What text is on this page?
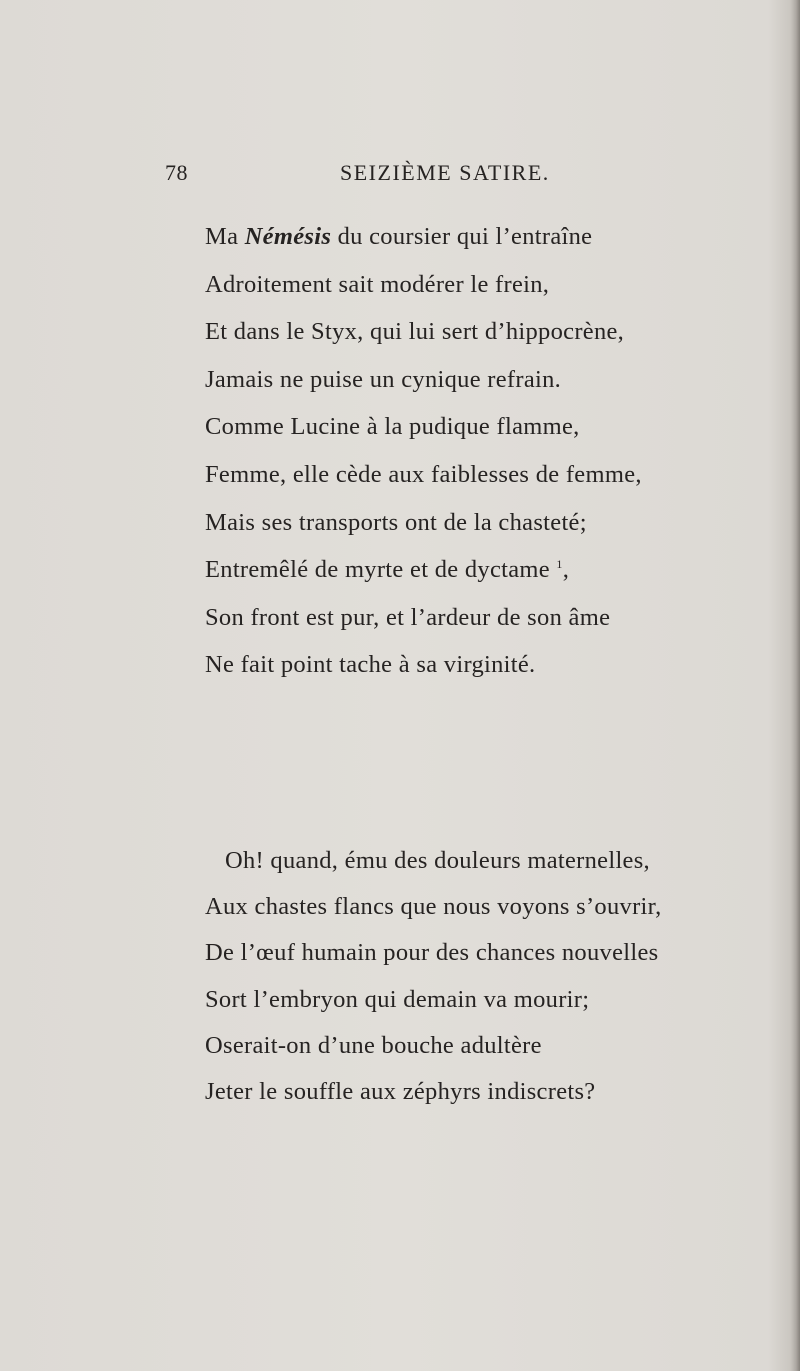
78	SEIZIÈME SATIRE.
Ma Némésis du coursier qui l’entraîne
Adroitement sait modérer le frein,
Et dans le Styx, qui lui sert d’hippocrène,
Jamais ne puise un cynique refrain.
Comme Lucine à la pudique flamme,
Femme, elle cède aux faiblesses de femme,
Mais ses transports ont de la chasteté;
Entremêlé de myrte et de dyctame $^1$,
Son front est pur, et l’ardeur de son âme
Ne fait point tache à sa virginité.
Oh! quand, ému des douleurs maternelles,
Aux chastes flancs que nous voyons s’ouvrir,
De l’œuf humain pour des chances nouvelles
Sort l’embryon qui demain va mourir;
Oserait-on d’une bouche adultère
Jeter le souffle aux zéphyrs indiscrets?
